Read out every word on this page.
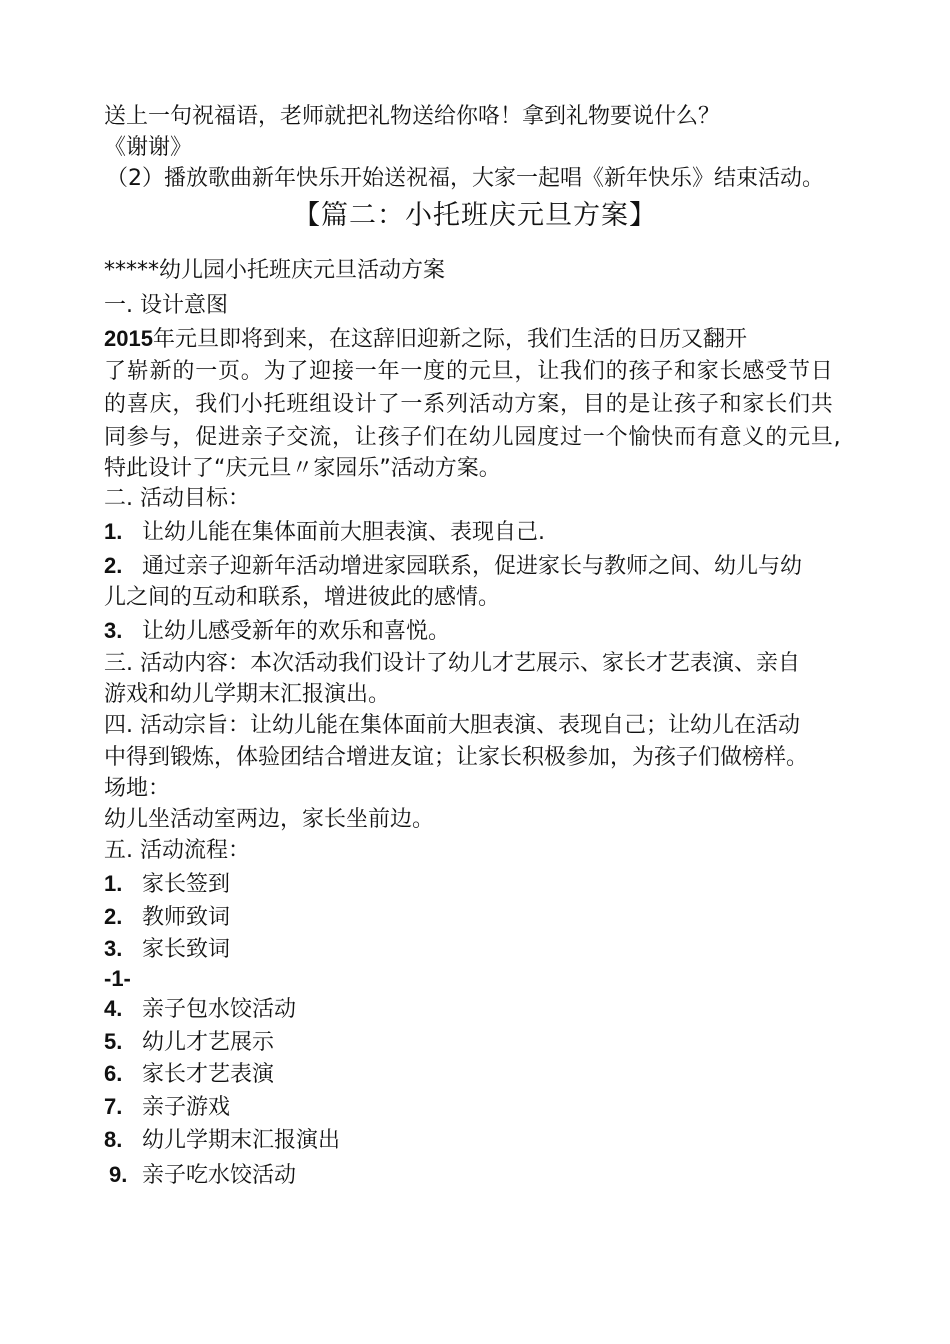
送上一句祝福语，老师就把礼物送给你咯！拿到礼物要说什么？
《谢谢》
（2）播放歌曲新年快乐开始送祝福，大家一起唱《新年快乐》结束活动。
【篇二：小托班庆元旦方案】
*****幼儿园小托班庆元旦活动方案
一. 设计意图
2015年元旦即将到来，在这辞旧迎新之际，我们生活的日历又翻开
了崭新的一页。为了迎接一年一度的元旦，让我们的孩子和家长感受节日
的喜庆，我们小托班组设计了一系列活动方案，目的是让孩子和家长们共
同参与，促进亲子交流，让孩子们在幼儿园度过一个愉快而有意义的元旦,
特此设计了“庆元旦〃家园乐”活动方案。
二. 活动目标：
1. 让幼儿能在集体面前大胆表演、表现自己.
2. 通过亲子迎新年活动增进家园联系，促进家长与教师之间、幼儿与幼
儿之间的互动和联系，增进彼此的感情。
3. 让幼儿感受新年的欢乐和喜悦。
三. 活动内容：本次活动我们设计了幼儿才艺展示、家长才艺表演、亲自
游戏和幼儿学期末汇报演出。
四. 活动宗旨：让幼儿能在集体面前大胆表演、表现自己；让幼儿在活动
中得到锻炼，体验团结合增进友谊；让家长积极参加，为孩子们做榜样。
场地：
幼儿坐活动室两边，家长坐前边。
五. 活动流程：
1. 家长签到
2. 教师致词
3. 家长致词
-1-
4. 亲子包水饺活动
5. 幼儿才艺展示
6. 家长才艺表演
7. 亲子游戏
8. 幼儿学期末汇报演出
9. 亲子吃水饺活动
